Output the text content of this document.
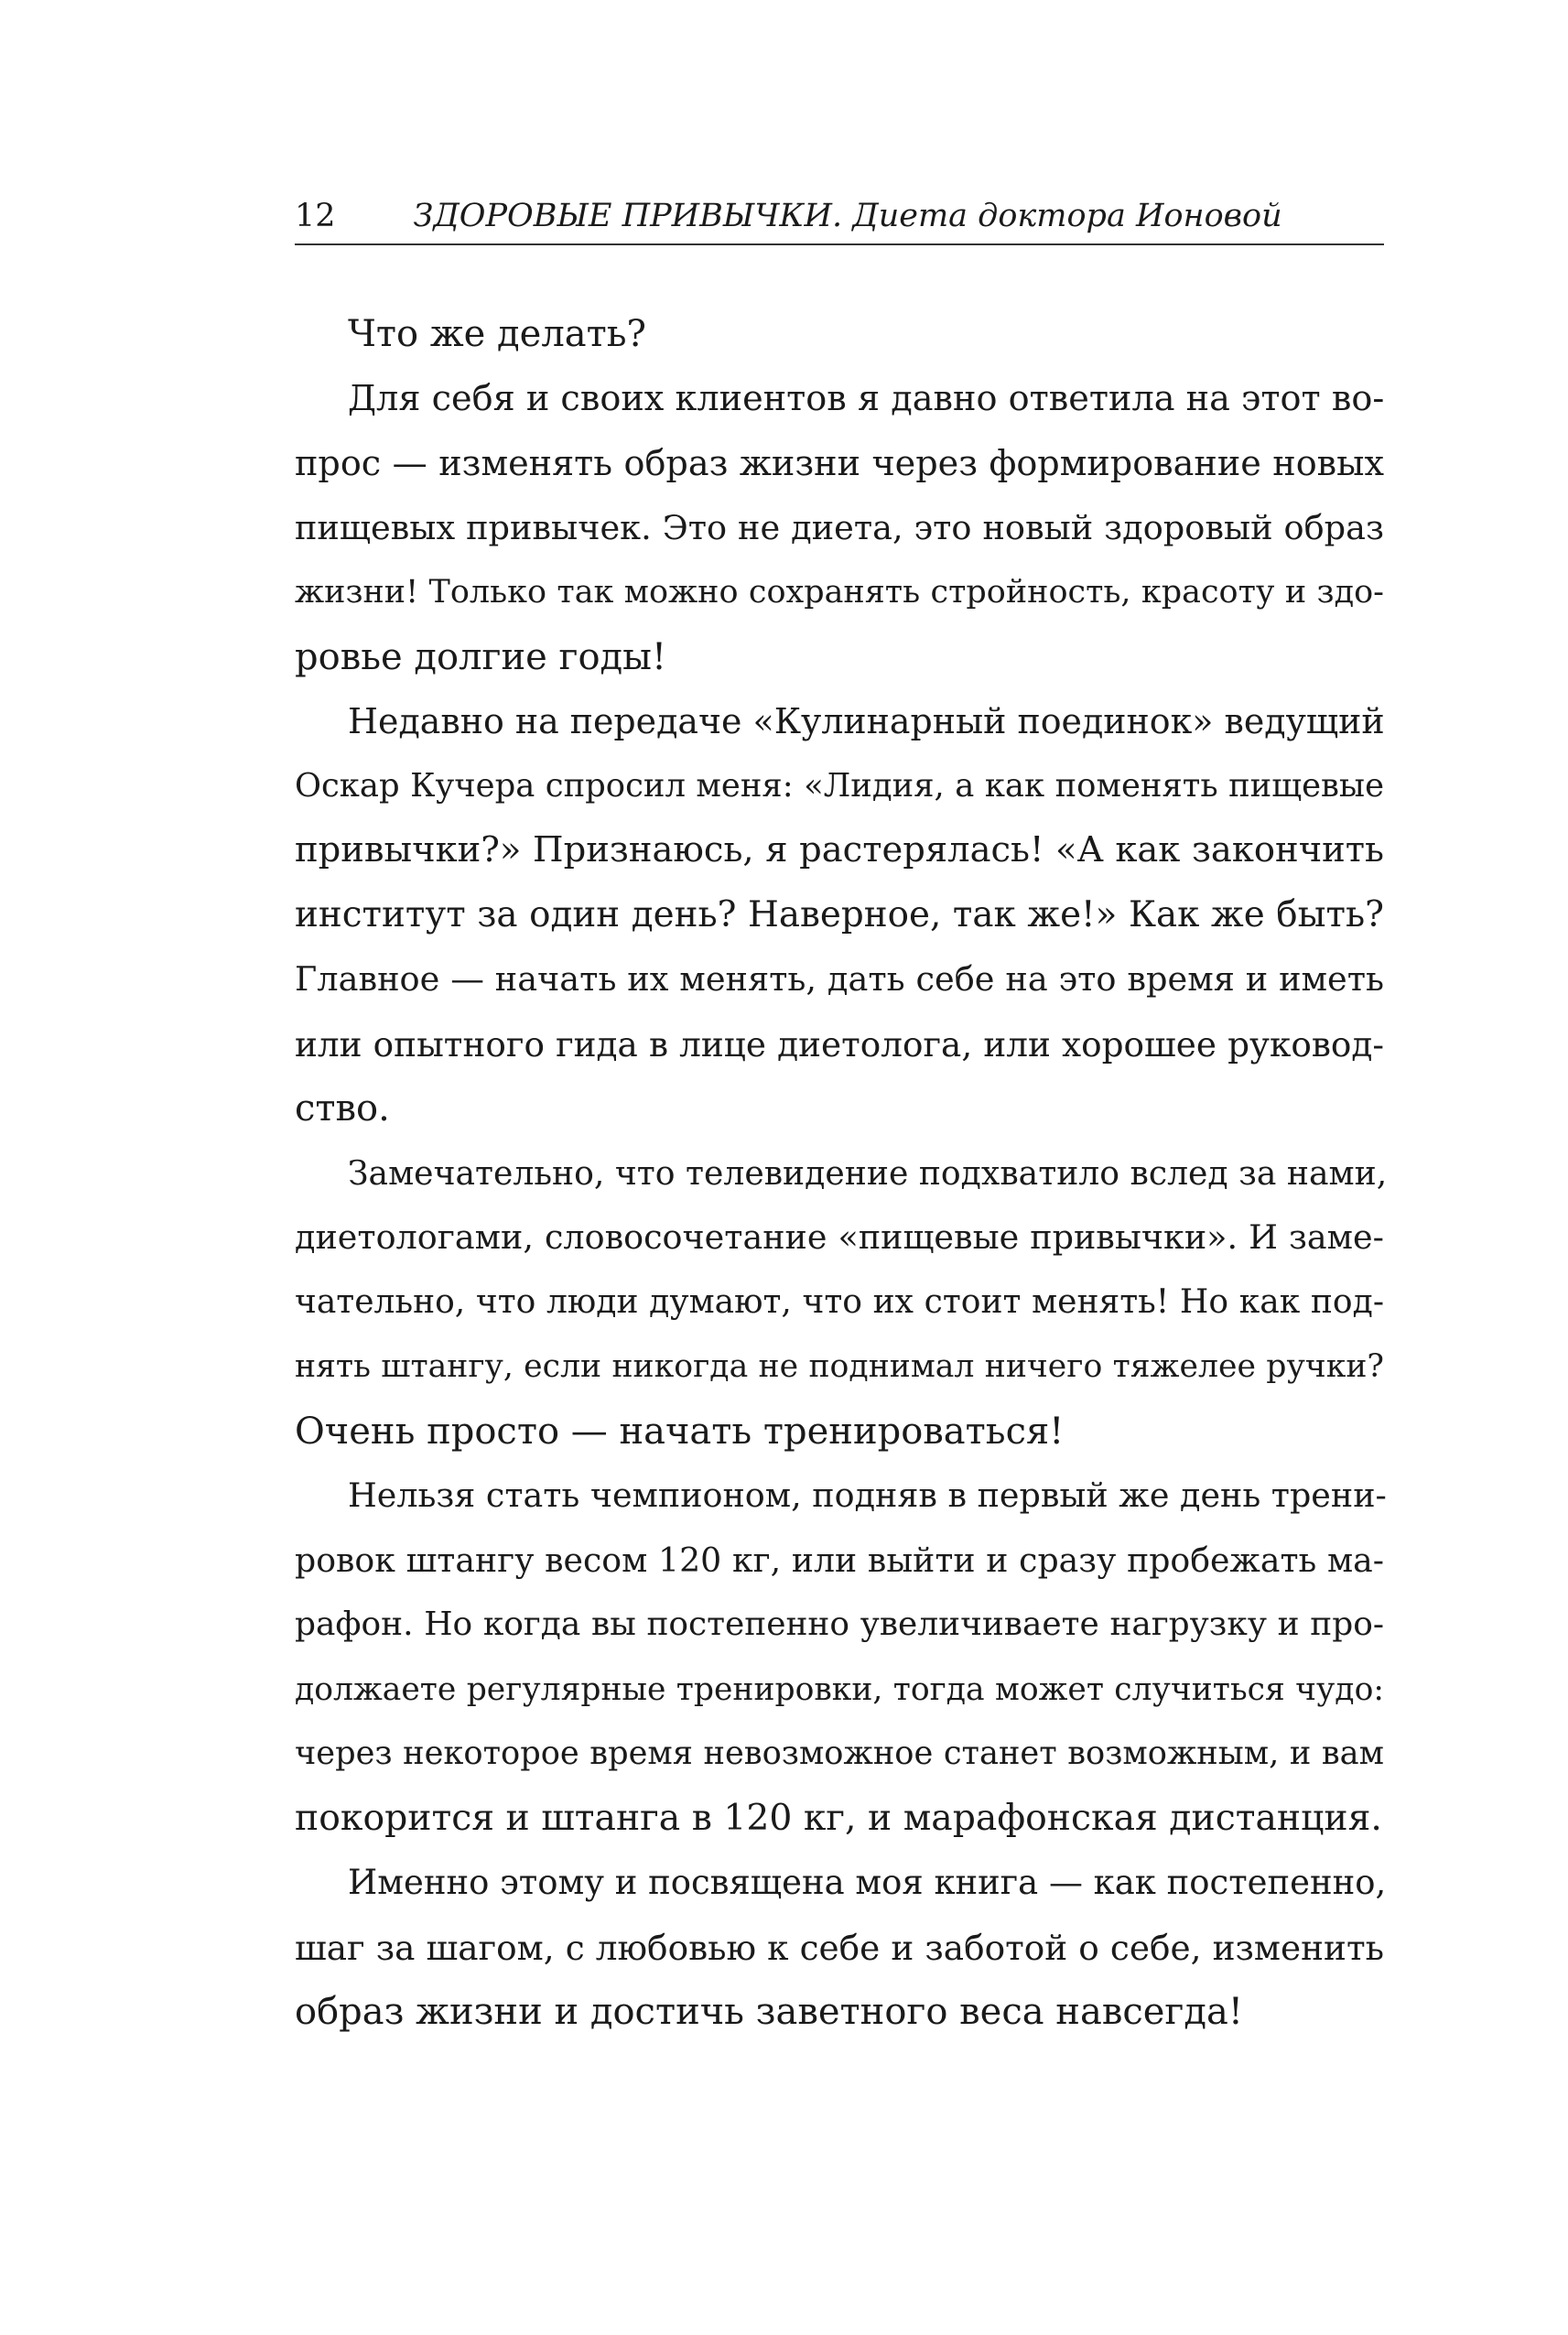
12 ЗДОРОВЫЕ ПРИВЫЧКИ. Диета доктора Ионовой

Что же делать?

Для себя и своих клиентов я давно ответила на этот во-
прос — изменять образ жизни через формирование новых
пищевых привычек. Это не диета, это новый здоровый образ
жизни! Только так можно сохранять стройность, красоту и здо-
ровье долгие годы!

Недавно на передаче «Кулинарный поединок» ведущий
Оскар Кучера спросил меня: «Лидия, а как поменять пищевые
привычки?» Признаюсь, я растерялась! «А как закончить
институт за один день? Наверное, так же!» Как же быть?
Главное — начать их менять, дать себе на это время и иметь
или опытного гида в лице диетолога, или хорошее руковод-
ство.

Замечательно, что телевидение подхватило вслед за нами,
диетологами, словосочетание «пищевые привычки». И заме-
чательно, что люди думают, что их стоит менять! Но как под-
нять штангу, если никогда не поднимал ничего тяжелее ручки?
Очень просто — начать тренироваться!

Нельзя стать чемпионом, подняв в первый же день трени-
ровок штангу весом 120 кг, или выйти и сразу пробежать ма-
рафон. Но когда вы постепенно увеличиваете нагрузку и про-
должаете регулярные тренировки, тогда может случиться чудо:
через некоторое время невозможное станет возможным, и вам
покорится и штанга в 120 кг, и марафонская дистанция.

Именно этому и посвящена моя книга — как постепенно,
шаг за шагом, с любовью к себе и заботой о себе, изменить
образ жизни и достичь заветного веса навсегда!
